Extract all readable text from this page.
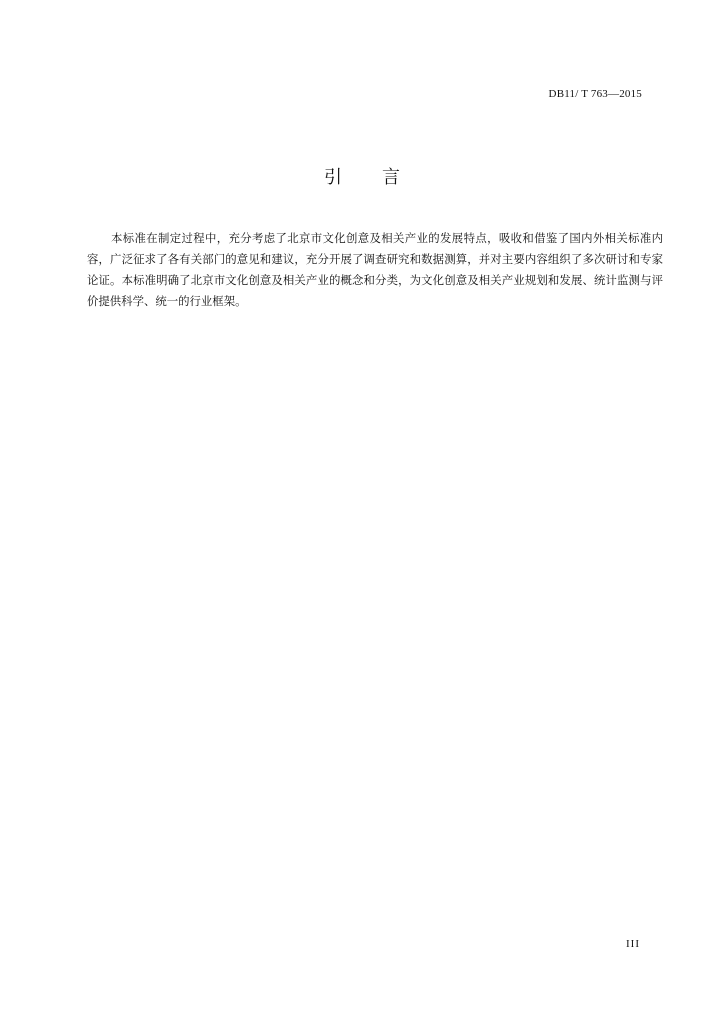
DB11/ T 763—2015
引言

本标准在制定过程中，充分考虑了北京市文化创意及相关产业的发展特点，吸收和借鉴了国内外相关标准内容，广泛征求了各有关部门的意见和建议，充分开展了调查研究和数据测算，并对主要内容组织了多次研讨和专家论证。本标准明确了北京市文化创意及相关产业的概念和分类，为文化创意及相关产业规划和发展、统计监测与评价提供科学、统一的行业框架。

III
